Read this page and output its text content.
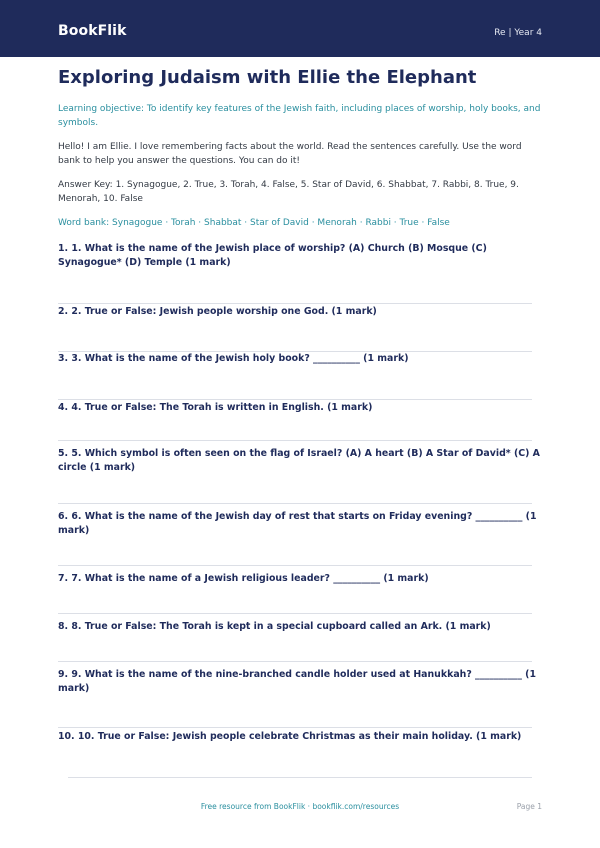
BookFlik	Re | Year 4
Exploring Judaism with Ellie the Elephant
Learning objective: To identify key features of the Jewish faith, including places of worship, holy books, and symbols.
Hello! I am Ellie. I love remembering facts about the world. Read the sentences carefully. Use the word bank to help you answer the questions. You can do it!
Answer Key: 1. Synagogue, 2. True, 3. Torah, 4. False, 5. Star of David, 6. Shabbat, 7. Rabbi, 8. True, 9. Menorah, 10. False
Word bank: Synagogue · Torah · Shabbat · Star of David · Menorah · Rabbi · True · False
1. 1. What is the name of the Jewish place of worship? (A) Church (B) Mosque (C) Synagogue* (D) Temple (1 mark)
2. 2. True or False: Jewish people worship one God. (1 mark)
3. 3. What is the name of the Jewish holy book? __________ (1 mark)
4. 4. True or False: The Torah is written in English. (1 mark)
5. 5. Which symbol is often seen on the flag of Israel? (A) A heart (B) A Star of David* (C) A circle (1 mark)
6. 6. What is the name of the Jewish day of rest that starts on Friday evening? __________ (1 mark)
7. 7. What is the name of a Jewish religious leader? __________ (1 mark)
8. 8. True or False: The Torah is kept in a special cupboard called an Ark. (1 mark)
9. 9. What is the name of the nine-branched candle holder used at Hanukkah? __________ (1 mark)
10. 10. True or False: Jewish people celebrate Christmas as their main holiday. (1 mark)
Free resource from BookFlik · bookflik.com/resources	Page 1
